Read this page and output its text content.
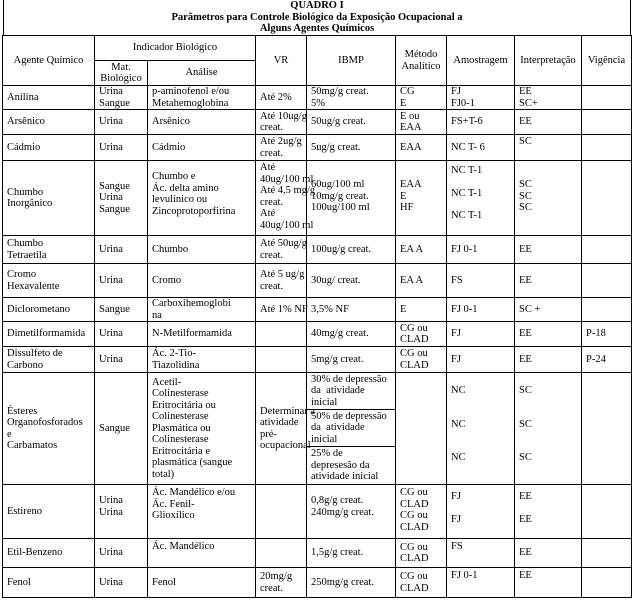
QUADRO I
Parâmetros para Controle Biológico da Exposição Ocupacional a
Alguns Agentes Químicos
Agente Químico
Indicador Biológico
Mat.
Biológico
Análise
VR	IBMP
Método
Analítico
Amostragem Interpretação Vigência
Anilina
Urina
Sangue
p-aminofenol e/ou
Metahemoglobina
Até 2%
50mg/g creat.
5%
CG
E
FJ
FJ0-1
EE
SC+
Arsênico	Urina	Arsênico
Até 10ug/g
creat.
50ug/g creat.
E ou
EAA
FS+T-6	EE
Cádmio	Urina	Cádmio
Até 2ug/g
creat.
5ug/g creat.	EAA	NC T- 6
SC
Chumbo
Inorgânico
Sangue
Urina
Sangue
Chumbo e
Ác. delta amino
levulínico ou
Zincoprotoporfirina
Até
40ug/100 ml
Até 4,5 mg/g
creat.
Até
40ug/100 ml
60ug/100 ml
10mg/g creat.
100ug/100 ml
EAA
E
HF
NC T-1
NC T-1
NC T-1
SC
SC
SC
Chumbo
Tetraetila
Urina	Chumbo
Até 50ug/g
creat.
100ug/g creat.	EA A	FJ 0-1	EE
Cromo
Hexavalente
Urina	Cromo
Até 5 ug/g
creat.
30ug/ creat.	EA A	FS	EE
Diclorometano	Sangue
Carboxihemoglobi
na
Até 1% NF 3,5% NF	E	FJ 0-1	SC +
Dimetilformamida	Urina	N-Metilformamida	40mg/g creat.
CG ou
CLAD
FJ	EE	P-18
Dissulfeto de
Carbono
Urina
Ác. 2-Tio-
Tiazolidina
5mg/g creat.
CG ou
CLAD
FJ	EE	P-24
Ésteres
Organofosforados
e
Carbamatos
Sangue
Acetil-
Colinesterase
Eritrocitária ou
Colinesterase
Plasmática ou
Colinesterase
Eritrocitária e
plasmática (sangue
total)
Determinar a
atividade
pré-
ocupacional
30% de depressão
da  atividade
inicial
50% de depressão
da  atividade
inicial
25% de
depresesão da
atividade inicial
NC
NC
NC
SC
SC
SC
Estireno
Urina
Urina
Ác. Mandélico e/ou
Ác. Fenil-
Glioxílico
0,8g/g creat.
240mg/g creat.
CG ou
CLAD
CG ou
CLAD
FJ
FJ
EE
EE
Etil-Benzeno	Urina
Ác. Mandélico
1,5g/g creat.
CG ou
CLAD
FS
EE
Fenol	Urina	Fenol
20mg/g
creat.
250mg/g creat.
CG ou
CLAD
FJ 0-1	EE
